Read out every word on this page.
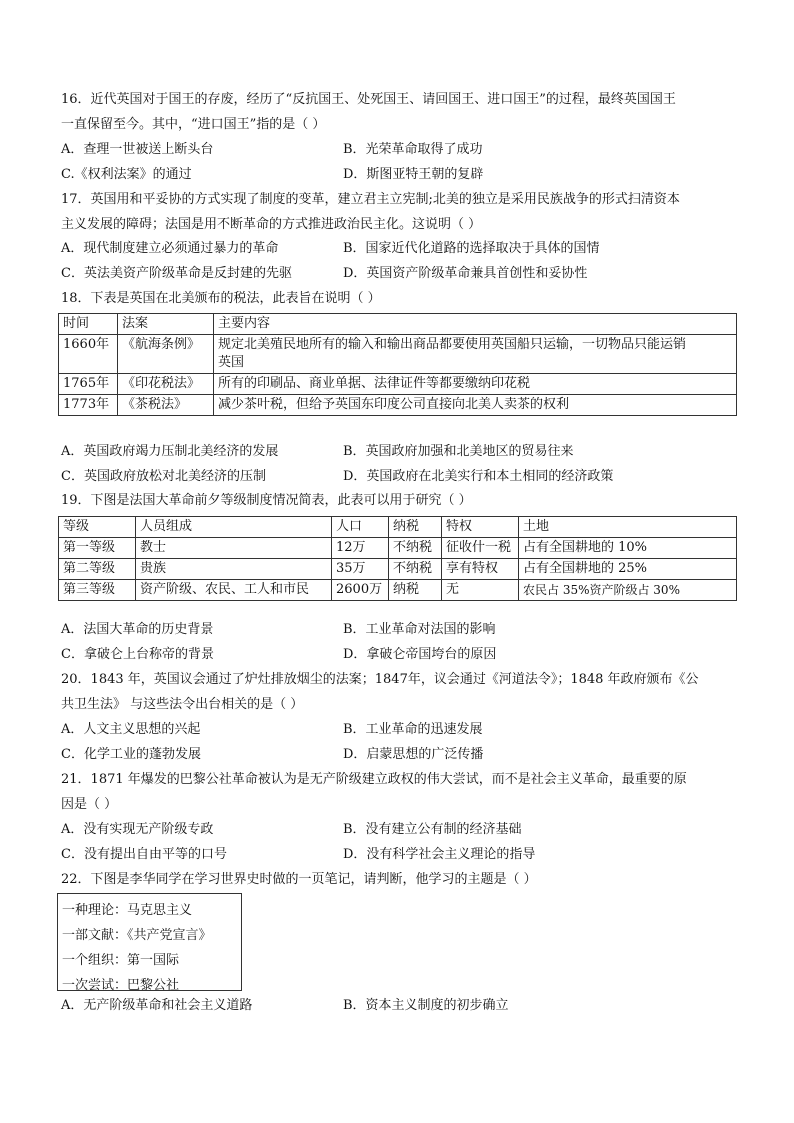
16．近代英国对于国王的存废，经历了“反抗国王、处死国王、请回国王、进口国王”的过程，最终英国国王
一直保留至今。其中，“进口国王”指的是（ ）
A．查理一世被送上断头台	B．光荣革命取得了成功
C.《权利法案》的通过	D．斯图亚特王朝的复辟
17．英国用和平妥协的方式实现了制度的变革，建立君主立宪制;北美的独立是采用民族战争的形式扫清资本
主义发展的障碍；法国是用不断革命的方式推进政治民主化。这说明（ ）
A．现代制度建立必须通过暴力的革命	B．国家近代化道路的选择取决于具体的国情
C．英法美资产阶级革命是反封建的先驱	D．英国资产阶级革命兼具首创性和妥协性
18．下表是英国在北美颁布的税法，此表旨在说明（ ）
时间	法案	主要内容
1660年	《航海条例》	规定北美殖民地所有的输入和输出商品都要使用英国船只运输，一切物品只能运销
英国

1765年	《印花税法》	所有的印刷品、商业单据、法律证件等都要缴纳印花税
1773年	《茶税法》	减少茶叶税，但给予英国东印度公司直接向北美人卖茶的权利
A．英国政府竭力压制北美经济的发展	B．英国政府加强和北美地区的贸易往来
C．英国政府放松对北美经济的压制	D．英国政府在北美实行和本土相同的经济政策
19．下图是法国大革命前夕等级制度情况简表，此表可以用于研究（ ）
等级	人员组成	人口	纳税	特权	土地
第一等级	教士	12万	不纳税	征收什一税	占有全国耕地的 10%
第二等级	贵族	35万	不纳税	享有特权	占有全国耕地的 25%
第三等级	资产阶级、农民、工人和市民	2600万	纳税	无	农民占 35%资产阶级占 30%
A．法国大革命的历史背景	B．工业革命对法国的影响
C．拿破仑上台称帝的背景	D．拿破仑帝国垮台的原因
20．1843 年，英国议会通过了炉灶排放烟尘的法案；1847年，议会通过《河道法令》；1848 年政府颁布《公
共卫生法》 与这些法令出台相关的是（ ）
A．人文主义思想的兴起	B．工业革命的迅速发展
C．化学工业的蓬勃发展	D．启蒙思想的广泛传播
21．1871 年爆发的巴黎公社革命被认为是无产阶级建立政权的伟大尝试，而不是社会主义革命，最重要的原
因是（ ）
A．没有实现无产阶级专政	B．没有建立公有制的经济基础
C．没有提出自由平等的口号	D．没有科学社会主义理论的指导
22．下图是李华同学在学习世界史时做的一页笔记，请判断，他学习的主题是（ ）
一种理论：马克思主义
一部文献：《共产党宣言》
一个组织：第一国际
一次尝试：巴黎公社
A．无产阶级革命和社会主义道路	B．资本主义制度的初步确立
